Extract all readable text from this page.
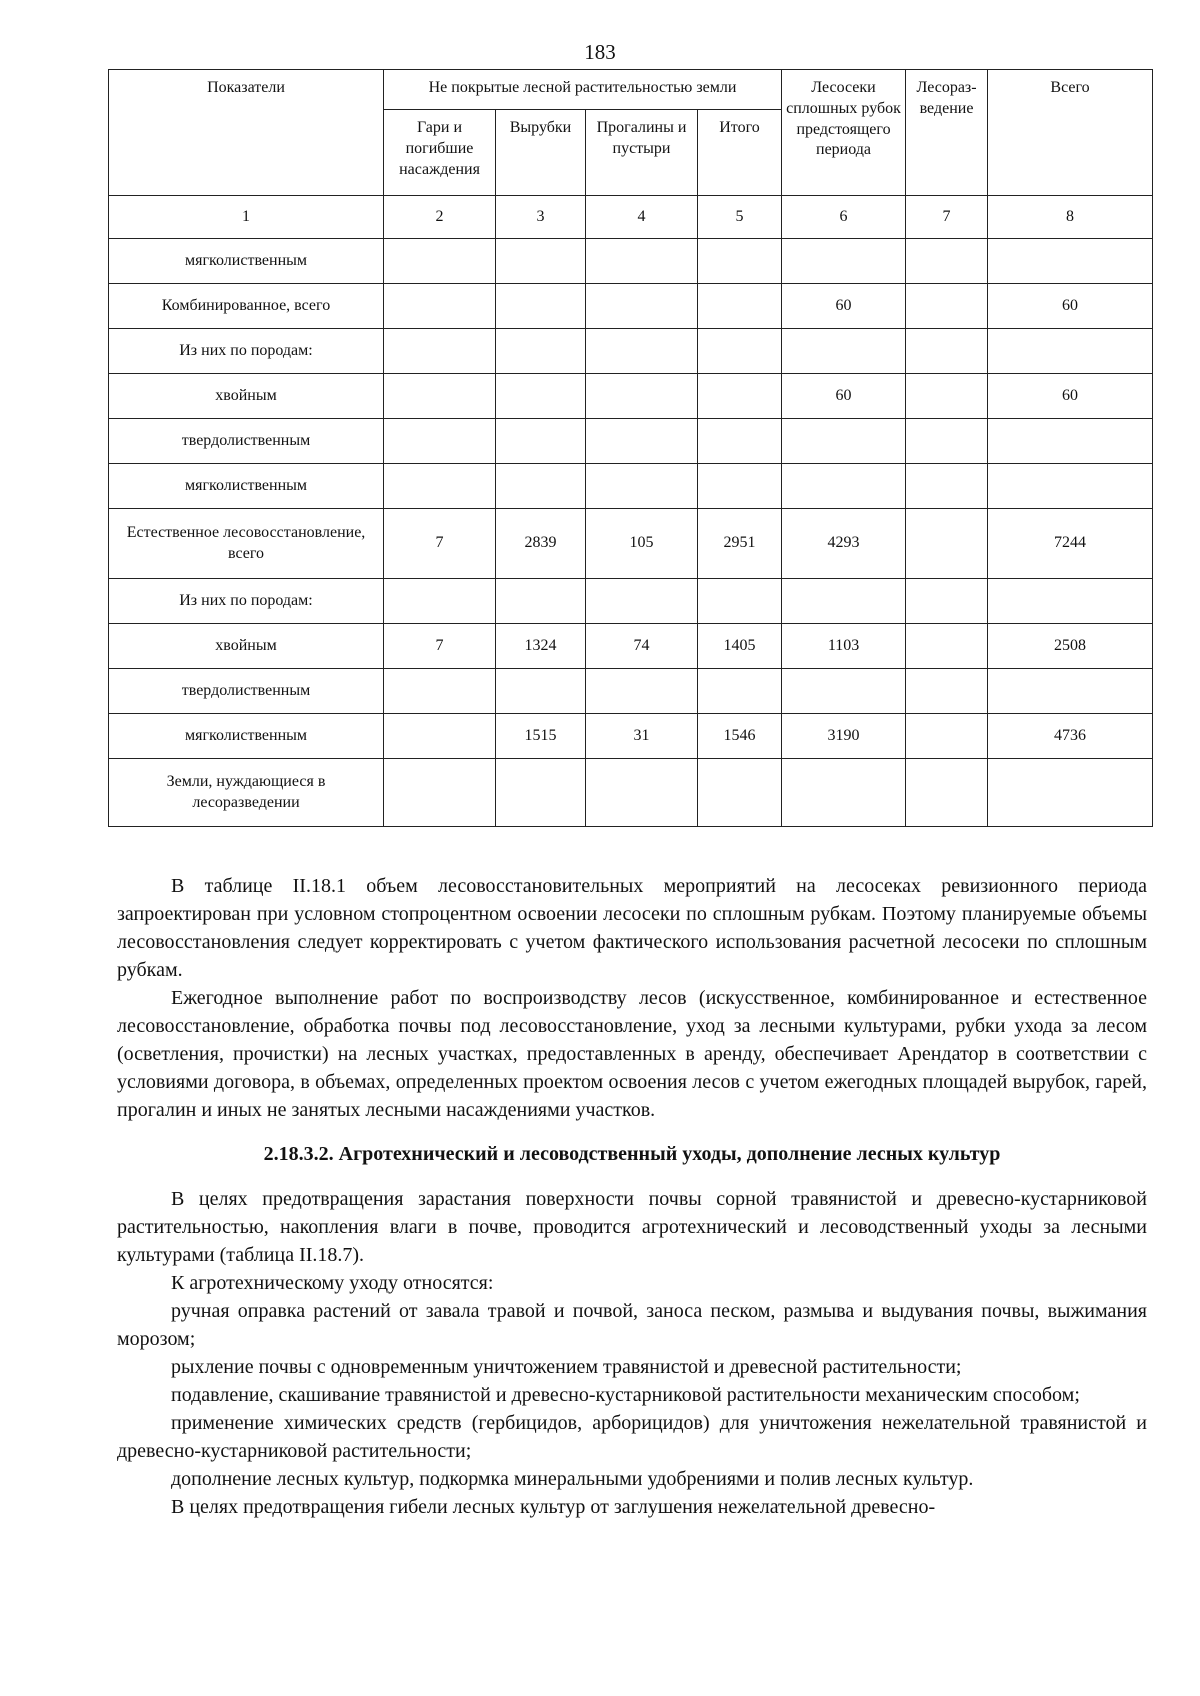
183
Показатели	Не покрытые лесной растительностью земли				Лесосеки сплошных рубок предстоящего периода	Лесораз-ведение	Всего
	Гари и погибшие насаждения	Вырубки	Прогалины и пустыри	Итого			
1	2	3	4	5	6	7	8
мягколиственным							
Комбинированное, всего					60		60
Из них по породам:							
хвойным					60		60
твердолиственным							
мягколиственным							
Естественное лесовосстановление, всего	7	2839	105	2951	4293		7244
Из них по породам:							
хвойным	7	1324	74	1405	1103		2508
твердолиственным							
мягколиственным		1515	31	1546	3190		4736
Земли, нуждающиеся в лесоразведении							

В таблице II.18.1 объем лесовосстановительных мероприятий на лесосеках ревизионного периода запроектирован при условном стопроцентном освоении лесосеки по сплошным рубкам. Поэтому планируемые объемы лесовосстановления следует корректировать с учетом фактического использования расчетной лесосеки по сплошным рубкам.

Ежегодное выполнение работ по воспроизводству лесов (искусственное, комбинированное и естественное лесовосстановление, обработка почвы под лесовосстановление, уход за лесными культурами, рубки ухода за лесом (осветления, прочистки) на лесных участках, предоставленных в аренду, обеспечивает Арендатор в соответствии с условиями договора, в объемах, определенных проектом освоения лесов с учетом ежегодных площадей вырубок, гарей, прогалин и иных не занятых лесными насаждениями участков.

2.18.3.2. Агротехнический и лесоводственный уходы, дополнение лесных культур

В целях предотвращения зарастания поверхности почвы сорной травянистой и древесно-кустарниковой растительностью, накопления влаги в почве, проводится агротехнический и лесоводственный уходы за лесными культурами (таблица II.18.7).

К агротехническому уходу относятся:

ручная оправка растений от завала травой и почвой, заноса песком, размыва и выдувания почвы, выжимания морозом;

рыхление почвы с одновременным уничтожением травянистой и древесной растительности;

подавление, скашивание травянистой и древесно-кустарниковой растительности механическим способом;

применение химических средств (гербицидов, арборицидов) для уничтожения нежелательной травянистой и древесно-кустарниковой растительности;

дополнение лесных культур, подкормка минеральными удобрениями и полив лесных культур.

В целях предотвращения гибели лесных культур от заглушения нежелательной древесно-
